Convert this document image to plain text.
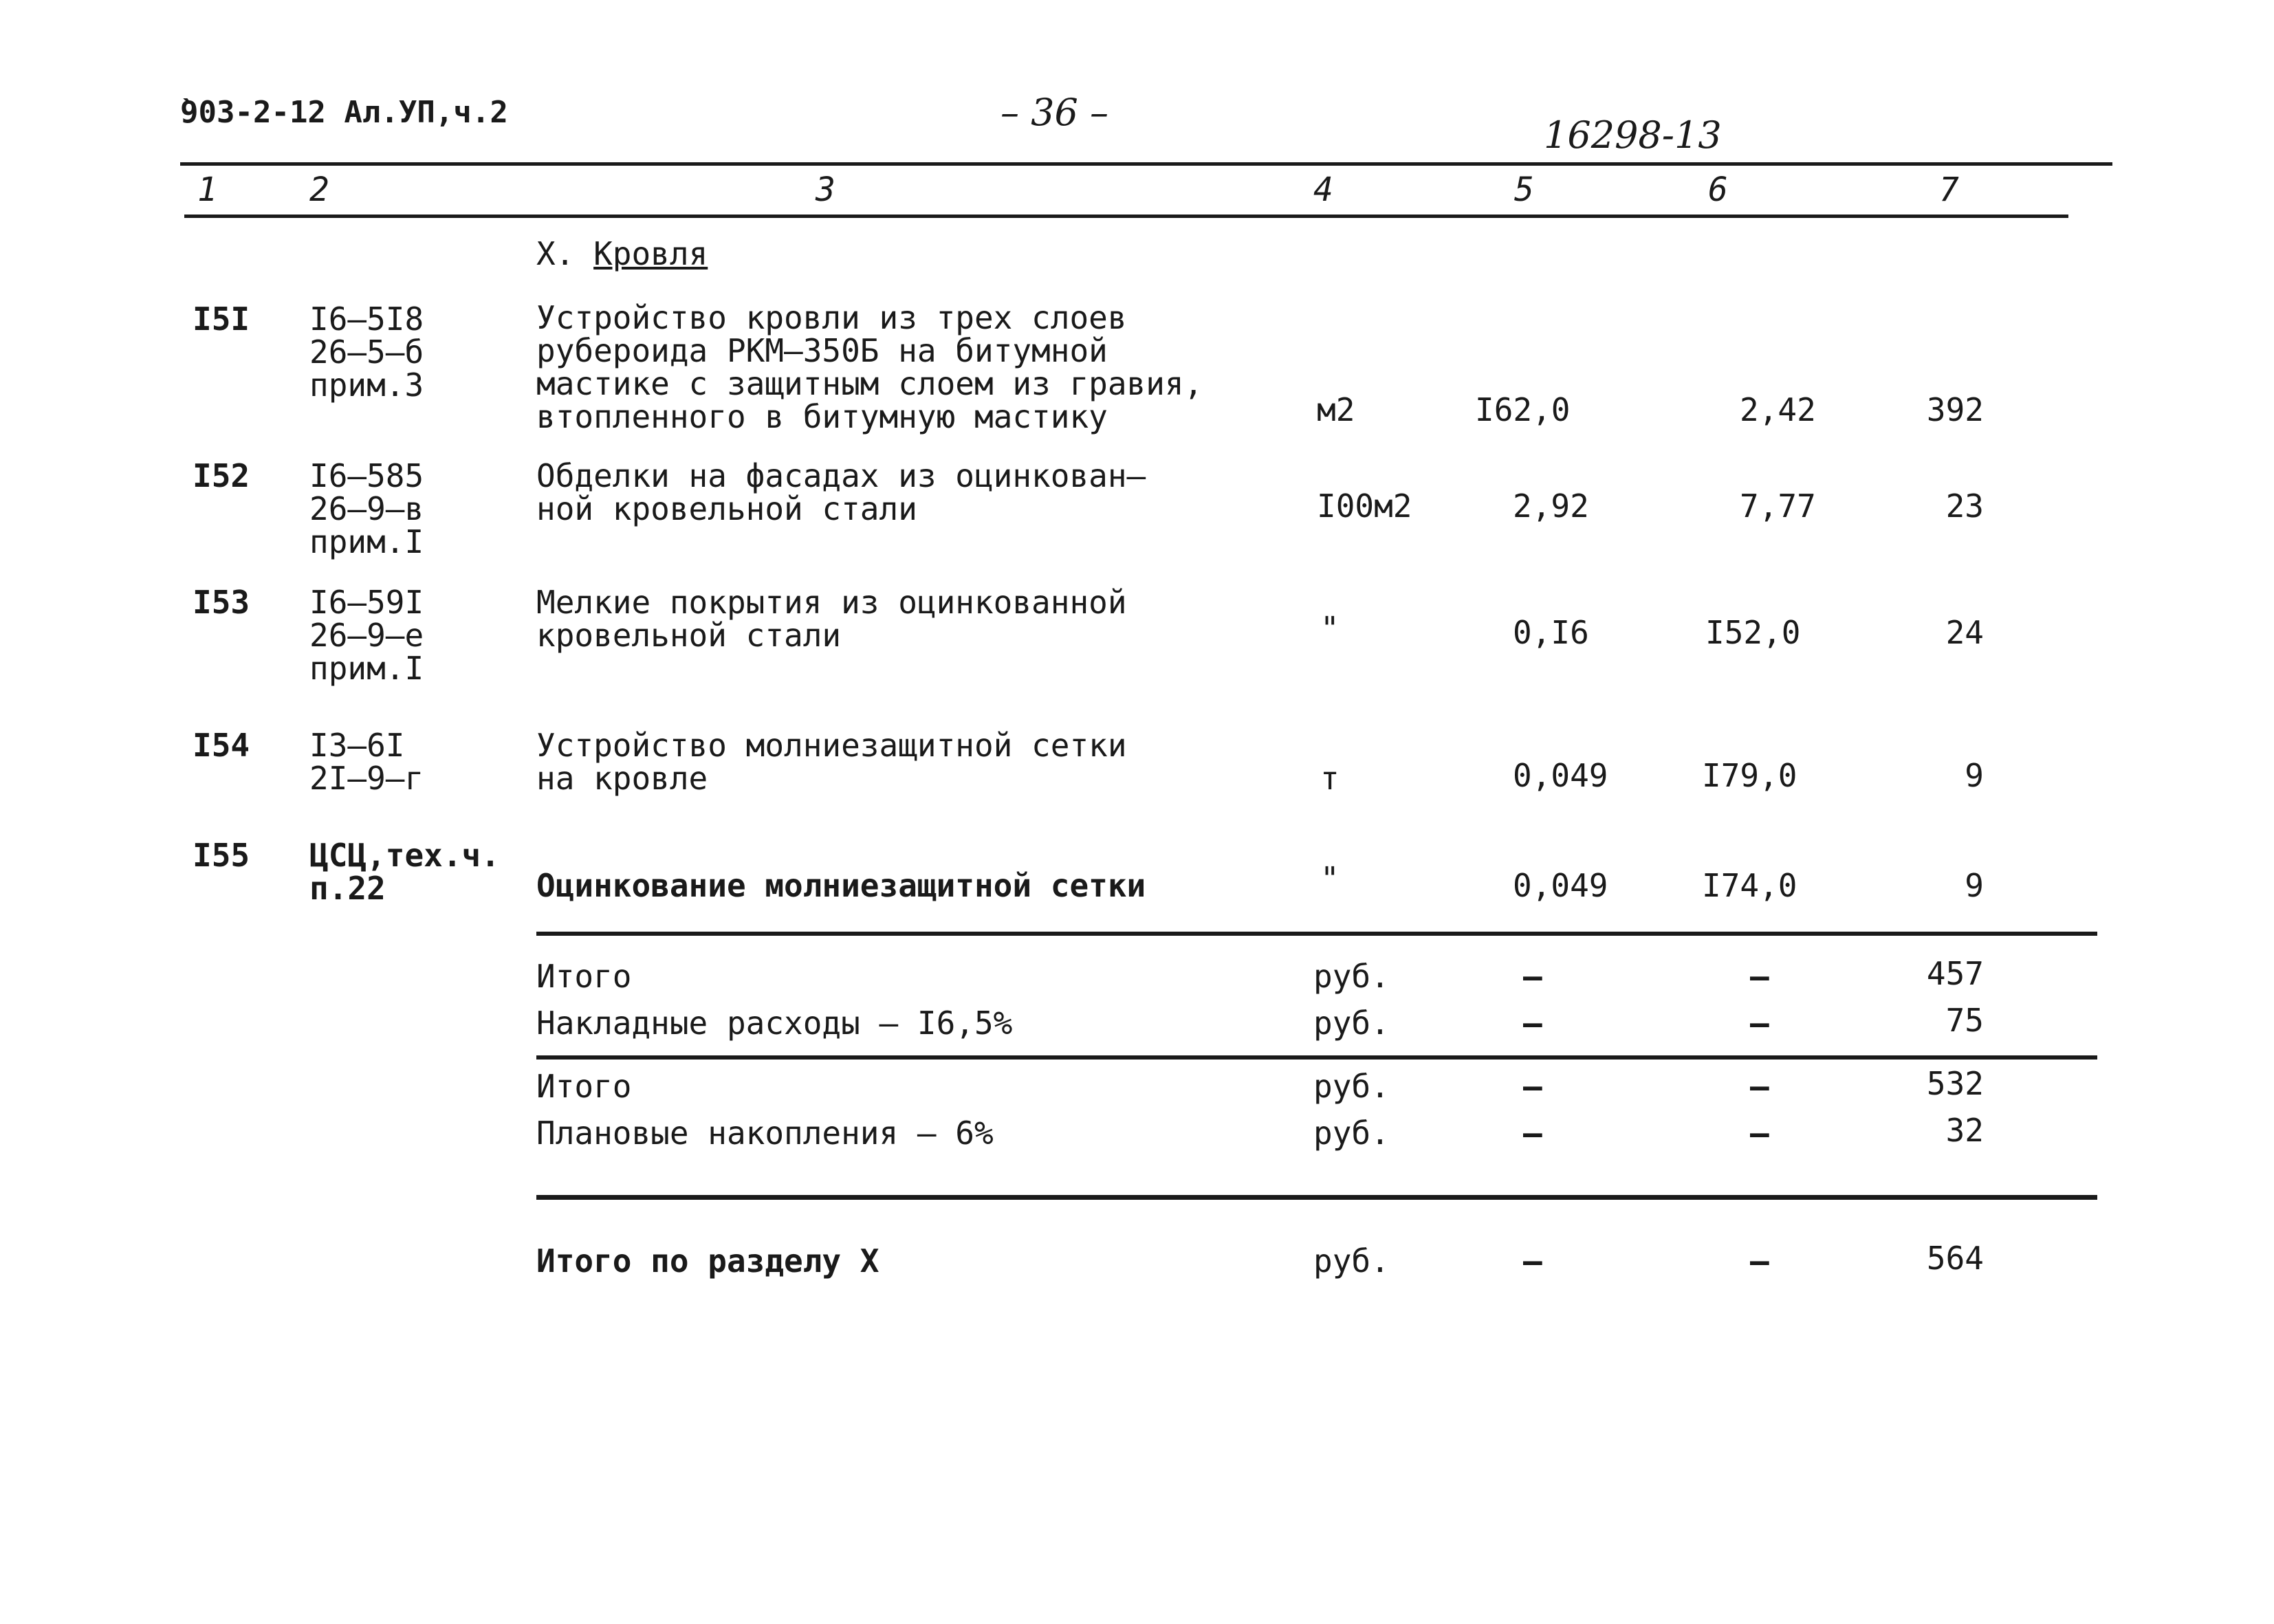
̀903-2-12 Ал.УП,ч.2	– 36 –
16298-13
1	2	3	4	5	6	7
Х. Кровля
I5I I6–5I8
26–5–б
прим.3
Устройство кровли из трех слоев
рубероида РКМ–350Б на битумной
мастике с защитным слоем из гравия,
втопленного в битумную мастику	м2	I62,0	2,42	392
I52 I6–585
26–9–в
прим.I
Обделки на фасадах из оцинкован–
ной кровельной стали	I00м2	2,92	7,77	23
I53 I6–59I
26–9–е
прим.I
Мелкие покрытия из оцинкованной
кровельной стали	"	0,I6	I52,0	24
I54 I3–6I
2I–9–г
Устройство молниезащитной сетки
на кровле	т	0,049	I79,0	9
I55 ЦСЦ,тех.ч.
п.22	Оцинкование молниезащитной сетки	"	0,049	I74,0	9
Итого	руб.	–	–	457
Накладные расходы – I6,5%	руб.	–	–	75
Итого	руб.	–	–	532
Плановые накопления – 6%	руб.	–	–	32
Итого по разделу Х	руб.	–	–	564
